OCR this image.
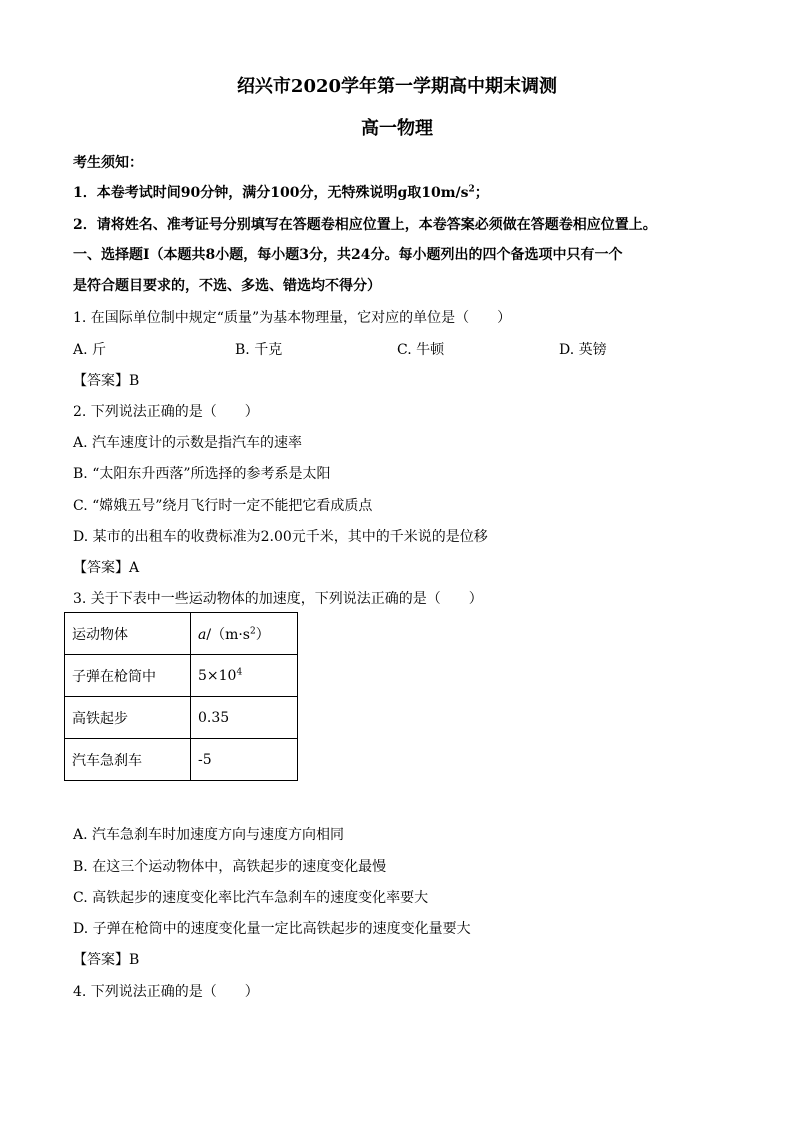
绍兴市2020学年第一学期高中期末调测
高一物理
考生须知：
1．本卷考试时间90分钟，满分100分，无特殊说明g取$10m/s^2$；
2．请将姓名、准考证号分别填写在答题卷相应位置上，本卷答案必须做在答题卷相应位置上。
一、选择题Ⅰ（本题共8小题，每小题3分，共24分。每小题列出的四个备选项中只有一个
是符合题目要求的，不选、多选、错选均不得分）
1. 在国际单位制中规定“质量”为基本物理量，它对应的单位是（　　）
A. 斤	B. 千克	C. 牛顿	D. 英镑
【答案】B
2. 下列说法正确的是（　　）
A. 汽车速度计的示数是指汽车的速率
B. “太阳东升西落”所选择的参考系是太阳
C. “嫦娥五号”绕月飞行时一定不能把它看成质点
D. 某市的出租车的收费标准为2.00元千米，其中的千米说的是位移
【答案】A
3. 关于下表中一些运动物体的加速度，下列说法正确的是（　　）
运动物体	$a/(m\cdot s^2)$
子弹在枪筒中	$5\times 10^4$
高铁起步	0.35
汽车急刹车	-5
A. 汽车急刹车时加速度方向与速度方向相同
B. 在这三个运动物体中，高铁起步的速度变化最慢
C. 高铁起步的速度变化率比汽车急刹车的速度变化率要大
D. 子弹在枪筒中的速度变化量一定比高铁起步的速度变化量要大
【答案】B
4. 下列说法正确的是（　　）
